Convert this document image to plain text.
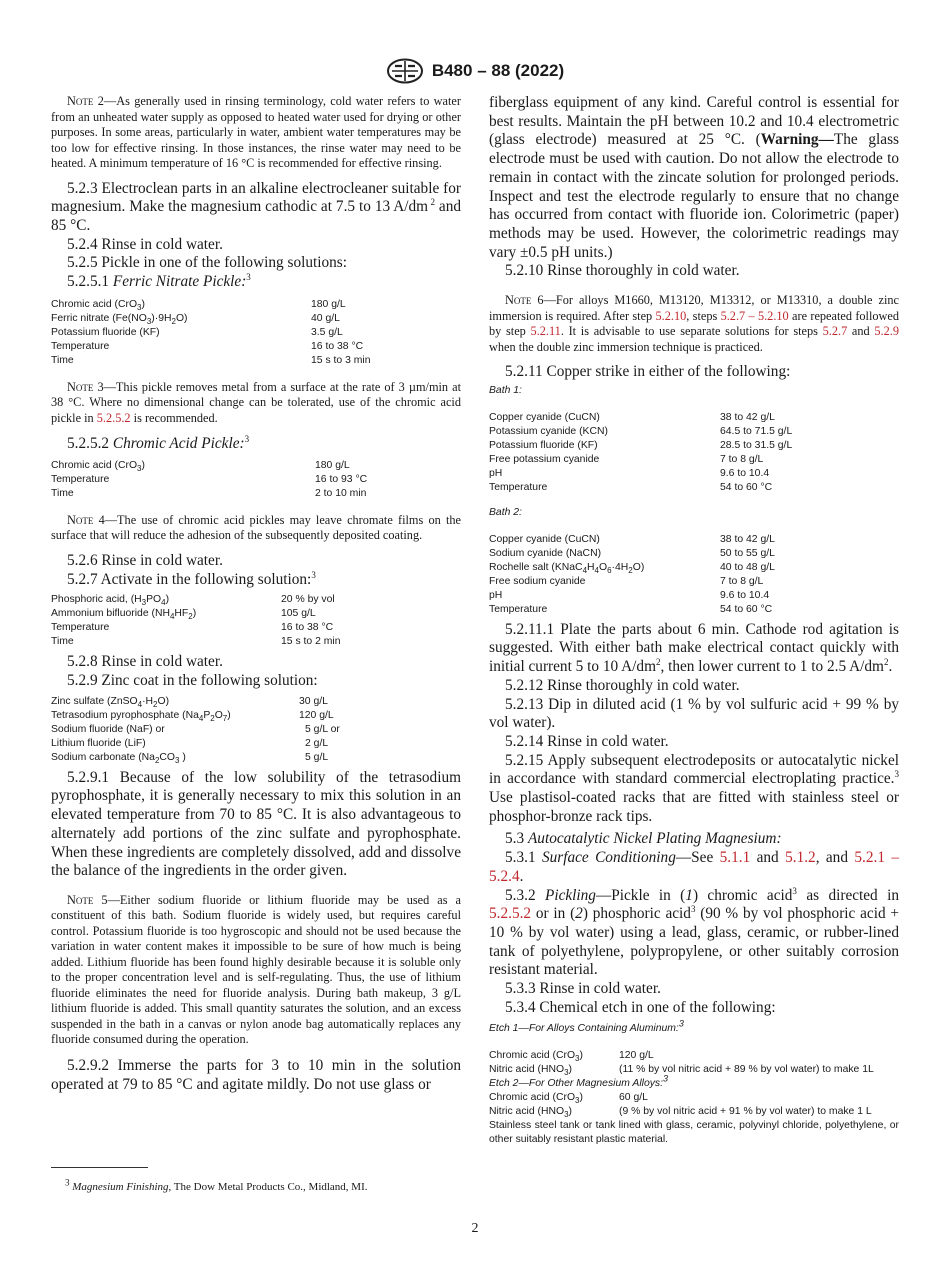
B480 – 88 (2022)

Note 2—As generally used in rinsing terminology, cold water refers to water from an unheated water supply as opposed to heated water used for drying or other purposes. In some areas, particularly in water, ambient water temperatures may be too low for effective rinsing. In those instances, the rinse water may need to be heated. A minimum temperature of 16 °C is recommended for effective rinsing.

5.2.3 Electroclean parts in an alkaline electrocleaner suitable for magnesium. Make the magnesium cathodic at 7.5 to 13 A/dm $^2$ and 85 °C.

5.2.4 Rinse in cold water.

5.2.5 Pickle in one of the following solutions:

5.2.5.1 Ferric Nitrate Pickle:$^3$

Chromic acid (CrO$_3$)	180 g/L
Ferric nitrate $(Fe(NO_3)\cdot 9H_2O)$	40 g/L
Potassium fluoride (KF)	3.5 g/L
Temperature	16 to 38 °C
Time	15 s to 3 min

Note 3—This pickle removes metal from a surface at the rate of 3 µm/min at 38 °C. Where no dimensional change can be tolerated, use of the chromic acid pickle in 5.2.5.2 is recommended.

5.2.5.2 Chromic Acid Pickle:$^3$

Chromic acid (CrO$_3$)	180 g/L
Temperature	16 to 93 °C
Time	2 to 10 min

Note 4—The use of chromic acid pickles may leave chromate films on the surface that will reduce the adhesion of the subsequently deposited coating.

5.2.6 Rinse in cold water.

5.2.7 Activate in the following solution:$^3$

Phosphoric acid, $(H_3PO_4)$	20 % by vol
Ammonium bifluoride $(NH_4HF_2)$	105 g/L
Temperature	16 to 38 °C
Time	15 s to 2 min

5.2.8 Rinse in cold water.

5.2.9 Zinc coat in the following solution:

Zinc sulfate $(ZnSO_4\cdot H_2O)$	30 g/L
Tetrasodium pyrophosphate $(Na_4P_2O_7)$	120 g/L
Sodium fluoride (NaF) or	5 g/L or
Lithium fluoride (LiF)	2 g/L
Sodium carbonate ($Na_2CO_3$ )	5 g/L

5.2.9.1 Because of the low solubility of the tetrasodium pyrophosphate, it is generally necessary to mix this solution in an elevated temperature from 70 to 85 °C. It is also advantageous to alternately add portions of the zinc sulfate and pyrophosphate. When these ingredients are completely dissolved, add and dissolve the balance of the ingredients in the order given.

Note 5—Either sodium fluoride or lithium fluoride may be used as a constituent of this bath. Sodium fluoride is widely used, but requires careful control. Potassium fluoride is too hygroscopic and should not be used because the variation in water content makes it impossible to be sure of how much is being added. Lithium fluoride has been found highly desirable because it is soluble only to the proper concentration level and is self-regulating. Thus, the use of lithium fluoride eliminates the need for fluoride analysis. During bath makeup, 3 g/L lithium fluoride is added. This small quantity saturates the solution, and an excess suspended in the bath in a canvas or nylon anode bag automatically replaces any fluoride consumed during the operation.

5.2.9.2 Immerse the parts for 3 to 10 min in the solution operated at 79 to 85 °C and agitate mildly. Do not use glass or

fiberglass equipment of any kind. Careful control is essential for best results. Maintain the pH between 10.2 and 10.4 electrometric (glass electrode) measured at 25 °C. (Warning—The glass electrode must be used with caution. Do not allow the electrode to remain in contact with the zincate solution for prolonged periods. Inspect and test the electrode regularly to ensure that no change has occurred from contact with fluoride ion. Colorimetric (paper) methods may be used. However, the colorimetric readings may vary ±0.5 pH units.)

5.2.10 Rinse thoroughly in cold water.

Note 6—For alloys M1660, M13120, M13312, or M13310, a double zinc immersion is required. After step 5.2.10, steps 5.2.7 – 5.2.10 are repeated followed by step 5.2.11. It is advisable to use separate solutions for steps 5.2.7 and 5.2.9 when the double zinc immersion technique is practiced.

5.2.11 Copper strike in either of the following:

Bath 1:
Copper cyanide (CuCN)	38 to 42 g/L
Potassium cyanide (KCN)	64.5 to 71.5 g/L
Potassium fluoride (KF)	28.5 to 31.5 g/L
Free potassium cyanide	7 to 8 g/L
pH	9.6 to 10.4
Temperature	54 to 60 °C
Bath 2:
Copper cyanide (CuCN)	38 to 42 g/L
Sodium cyanide (NaCN)	50 to 55 g/L
Rochelle salt $(KNaC_4H_4O_6\cdot 4H_2O)$	40 to 48 g/L
Free sodium cyanide	7 to 8 g/L
pH	9.6 to 10.4
Temperature	54 to 60 °C

5.2.11.1 Plate the parts about 6 min. Cathode rod agitation is suggested. With either bath make electrical contact quickly with initial current 5 to 10 $A/dm^2$, then lower current to 1 to 2.5 $A/dm^2$.

5.2.12 Rinse thoroughly in cold water.

5.2.13 Dip in diluted acid (1 % by vol sulfuric acid + 99 % by vol water).

5.2.14 Rinse in cold water.

5.2.15 Apply subsequent electrodeposits or autocatalytic nickel in accordance with standard commercial electroplating practice.$^3$ Use plastisol-coated racks that are fitted with stainless steel or phosphor-bronze rack tips.

5.3 Autocatalytic Nickel Plating Magnesium:

5.3.1 Surface Conditioning—See 5.1.1 and 5.1.2, and 5.2.1 – 5.2.4.

5.3.2 Pickling—Pickle in (1) chromic acid$^3$ as directed in 5.2.5.2 or in (2) phosphoric acid$^3$ (90 % by vol phosphoric acid + 10 % by vol water) using a lead, glass, ceramic, or rubber-lined tank of polyethylene, polypropylene, or other suitably corrosion resistant material.

5.3.3 Rinse in cold water.

5.3.4 Chemical etch in one of the following:

Etch 1—For Alloys Containing Aluminum:$^3$
Chromic acid (CrO$_3$)	120 g/L
Nitric acid $(HNO_3)$	(11 % by vol nitric acid + 89 % by vol water) to make 1L
Etch 2—For Other Magnesium Alloys:$^3$
Chromic acid (CrO$_3$)	60 g/L
Nitric acid $(HNO_3)$	(9 % by vol nitric acid + 91 % by vol water) to make 1 L
Stainless steel tank or tank lined with glass, ceramic, polyvinyl chloride, polyethylene, or other suitably resistant plastic material.
$^3$ Magnesium Finishing, The Dow Metal Products Co., Midland, MI.
2
